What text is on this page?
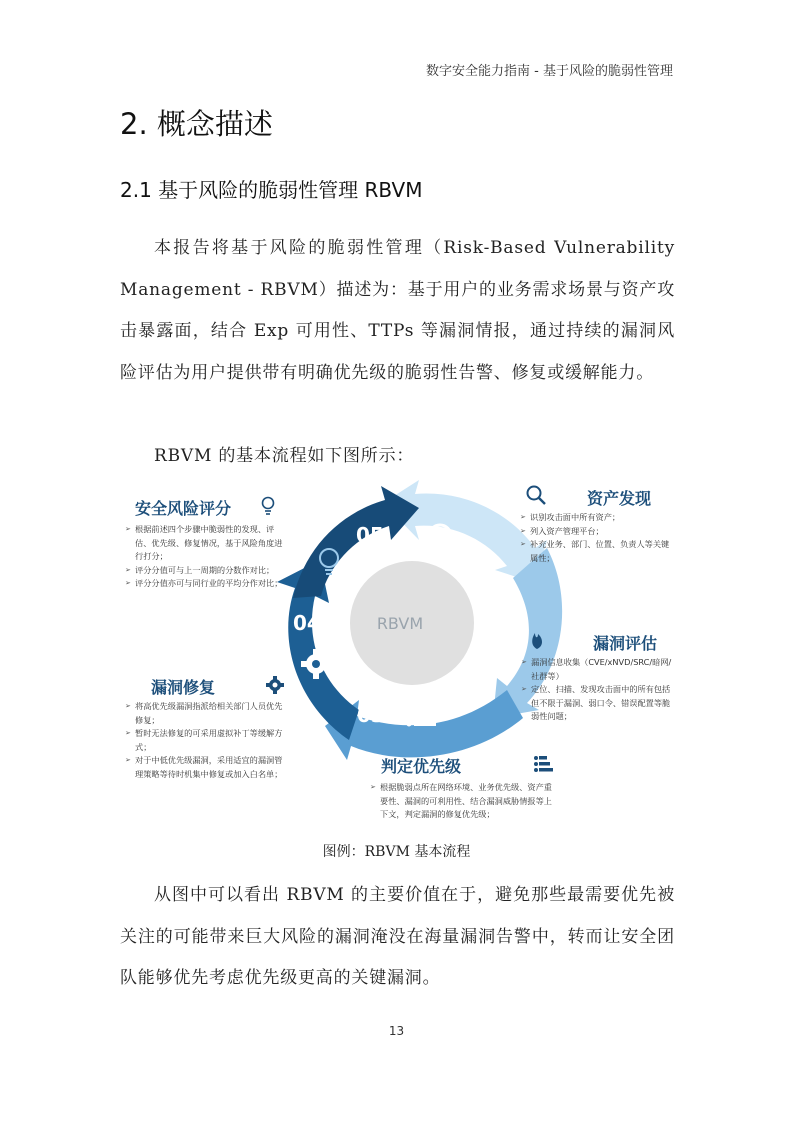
数字安全能力指南 - 基于风险的脆弱性管理
2. 概念描述
2.1 基于风险的脆弱性管理 RBVM

本报告将基于风险的脆弱性管理（Risk-Based Vulnerability Management - RBVM）描述为：基于用户的业务需求场景与资产攻击暴露面，结合 Exp 可用性、TTPs 等漏洞情报，通过持续的漏洞风险评估为用户提供带有明确优先级的脆弱性告警、修复或缓解能力。

RBVM 的基本流程如下图所示：

05
01
02
03
04	RBVM
安全风险评分
➢ 根据前述四个步骤中脆弱性的发现、评估、优先级、修复情况，基于风险角度进行打分；
➢ 评分分值可与上一周期的分数作对比；
➢ 评分分值亦可与同行业的平均分作对比；
资产发现
➢ 识别攻击面中所有资产；
➢ 列入资产管理平台；
➢ 补充业务、部门、位置、负责人等关键属性；
漏洞评估
➢ 漏洞信息收集（CVE/xNVD/SRC/暗网/社群等）
➢ 定位、扫描、发现攻击面中的所有包括但不限于漏洞、弱口令、错误配置等脆弱性问题；
漏洞修复
➢ 将高优先级漏洞指派给相关部门人员优先修复；
➢ 暂时无法修复的可采用虚拟补丁等缓解方式；
➢ 对于中低优先级漏洞，采用适宜的漏洞管理策略等待时机集中修复或加入白名单；	判定优先级
➢ 根据脆弱点所在网络环境、业务优先级、资产重要性、漏洞的可利用性、结合漏洞威胁情报等上下文，判定漏洞的修复优先级；
图例：RBVM 基本流程

从图中可以看出 RBVM 的主要价值在于，避免那些最需要优先被关注的可能带来巨大风险的漏洞淹没在海量漏洞告警中，转而让安全团队能够优先考虑优先级更高的关键漏洞。

13
